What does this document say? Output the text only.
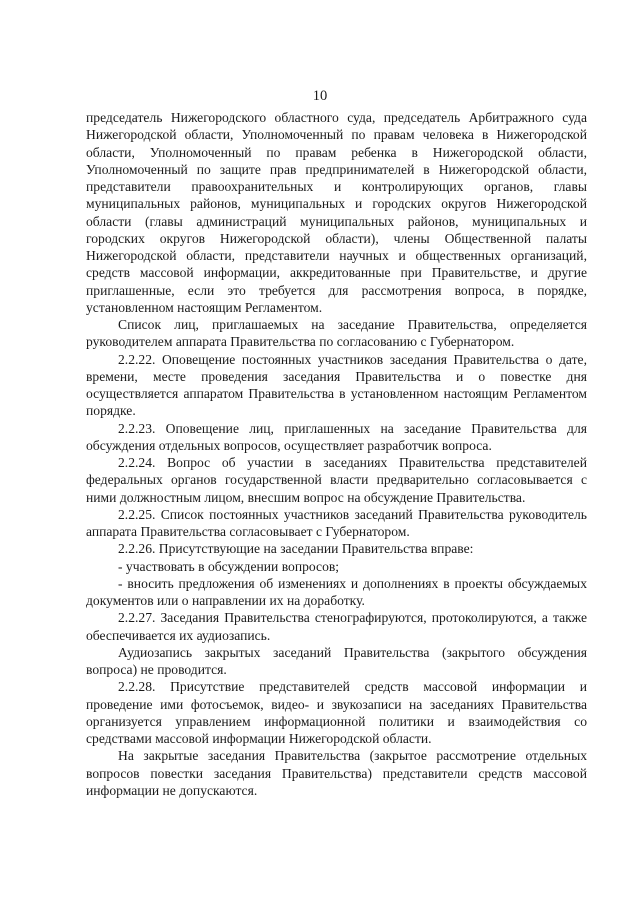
10

председатель Нижегородского областного суда, председатель Арбитражного суда Нижегородской области, Уполномоченный по правам человека в Нижегородской области, Уполномоченный по правам ребенка в Нижегородской области, Уполномоченный по защите прав предпринимателей в Нижегородской области, представители правоохранительных и контролирующих органов, главы муниципальных районов, муниципальных и городских округов Нижегородской области (главы администраций муниципальных районов, муниципальных и городских округов Нижегородской области), члены Общественной палаты Нижегородской области, представители научных и общественных организаций, средств массовой информации, аккредитованные при Правительстве, и другие приглашенные, если это требуется для рассмотрения вопроса, в порядке, установленном настоящим Регламентом.

Список лиц, приглашаемых на заседание Правительства, определяется руководителем аппарата Правительства по согласованию с Губернатором.

2.2.22. Оповещение постоянных участников заседания Правительства о дате, времени, месте проведения заседания Правительства и о повестке дня осуществляется аппаратом Правительства в установленном настоящим Регламентом порядке.

2.2.23. Оповещение лиц, приглашенных на заседание Правительства для обсуждения отдельных вопросов, осуществляет разработчик вопроса.

2.2.24. Вопрос об участии в заседаниях Правительства представителей федеральных органов государственной власти предварительно согласовывается с ними должностным лицом, внесшим вопрос на обсуждение Правительства.

2.2.25. Список постоянных участников заседаний Правительства руководитель аппарата Правительства согласовывает с Губернатором.

2.2.26. Присутствующие на заседании Правительства вправе:

- участвовать в обсуждении вопросов;

- вносить предложения об изменениях и дополнениях в проекты обсуждаемых документов или о направлении их на доработку.

2.2.27. Заседания Правительства стенографируются, протоколируются, а также обеспечивается их аудиозапись.

Аудиозапись закрытых заседаний Правительства (закрытого обсуждения вопроса) не проводится.

2.2.28. Присутствие представителей средств массовой информации и проведение ими фотосъемок, видео- и звукозаписи на заседаниях Правительства организуется управлением информационной политики и взаимодействия со средствами массовой информации Нижегородской области.

На закрытые заседания Правительства (закрытое рассмотрение отдельных вопросов повестки заседания Правительства) представители средств массовой информации не допускаются.
